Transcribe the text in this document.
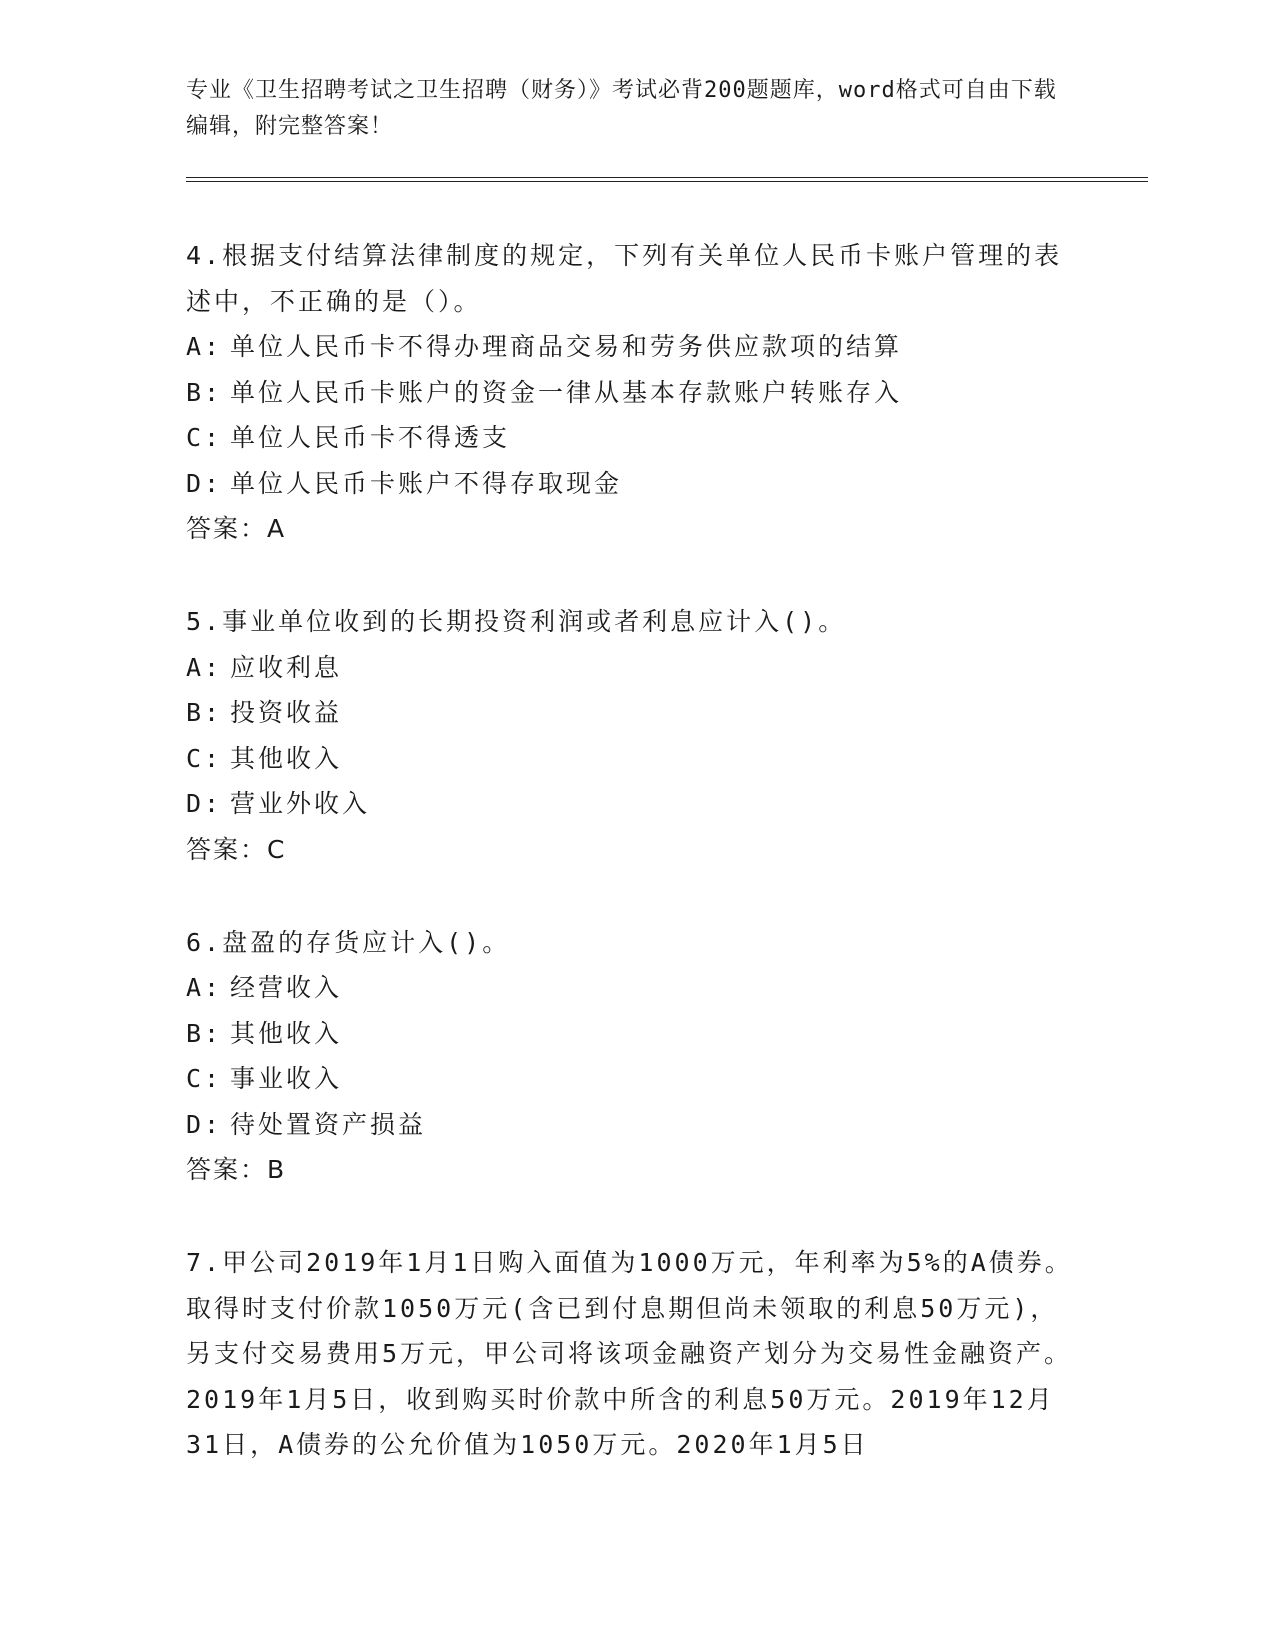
专业《卫生招聘考试之卫生招聘（财务）》考试必背200题题库，word格式可自由下载编辑，附完整答案！
4.根据支付结算法律制度的规定，下列有关单位人民币卡账户管理的表述中，不正确的是（）。
A: 单位人民币卡不得办理商品交易和劳务供应款项的结算
B: 单位人民币卡账户的资金一律从基本存款账户转账存入
C: 单位人民币卡不得透支
D: 单位人民币卡账户不得存取现金
答案：A
5.事业单位收到的长期投资利润或者利息应计入()。
A: 应收利息
B: 投资收益
C: 其他收入
D: 营业外收入
答案：C
6.盘盈的存货应计入()。
A: 经营收入
B: 其他收入
C: 事业收入
D: 待处置资产损益
答案：B
7.甲公司2019年1月1日购入面值为1000万元，年利率为5%的A债券。取得时支付价款1050万元(含已到付息期但尚未领取的利息50万元)，另支付交易费用5万元，甲公司将该项金融资产划分为交易性金融资产。2019年1月5日，收到购买时价款中所含的利息50万元。2019年12月31日，A债券的公允价值为1050万元。2020年1月5日
